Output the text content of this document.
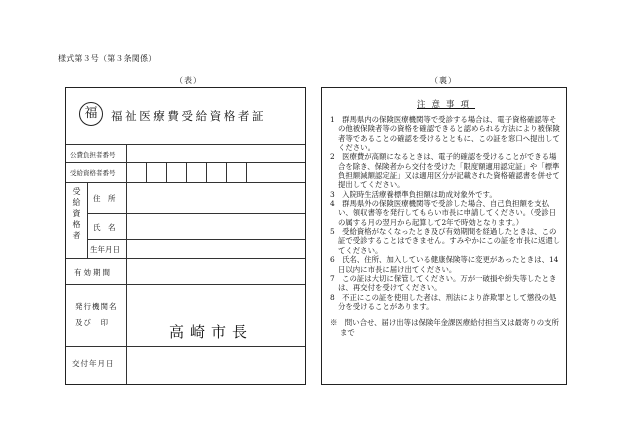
様式第３号（第３条関係）
（表）	（裏）
福	福祉医療費受給資格者証
公費負担者番号
受給資格者番号
受給資格者 住　所
氏　名
生年月日
有効期間
発行機関名
及び　印
高崎市長
交付年月日
注意事項

1　群馬県内の保険医療機関等で受診する場合は、電子資格確認等その他被保険者等の資格を確認できると認められる方法により被保険者等であることの確認を受けるとともに、この証を窓口へ提出してください。

2　医療費が高額になるときは、電子的確認を受けることができる場合を除き、保険者から交付を受けた「限度額適用認定証」や「標準負担額減額認定証」又は適用区分が記載された資格確認書を併せて提出してください。

3　入院時生活療養標準負担額は助成対象外です。

4　群馬県外の保険医療機関等で受診した場合、自己負担額を支払い、領収書等を発行してもらい市長に申請してください。（受診日の属する月の翌月から起算して2年で時効となります。）

5　受給資格がなくなったとき及び有効期間を経過したときは、この証で受診することはできません。すみやかにこの証を市長に返還してください。

6　氏名、住所、加入している健康保険等に変更があったときは、14日以内に市長に届け出てください。

7　この証は大切に保管してください。万が一破損や紛失等したときは、再交付を受けてください。

8　不正にこの証を使用した者は、刑法により詐欺罪として懲役の処分を受けることがあります。

※　問い合せ、届け出等は保険年金課医療給付担当又は最寄りの支所まで
